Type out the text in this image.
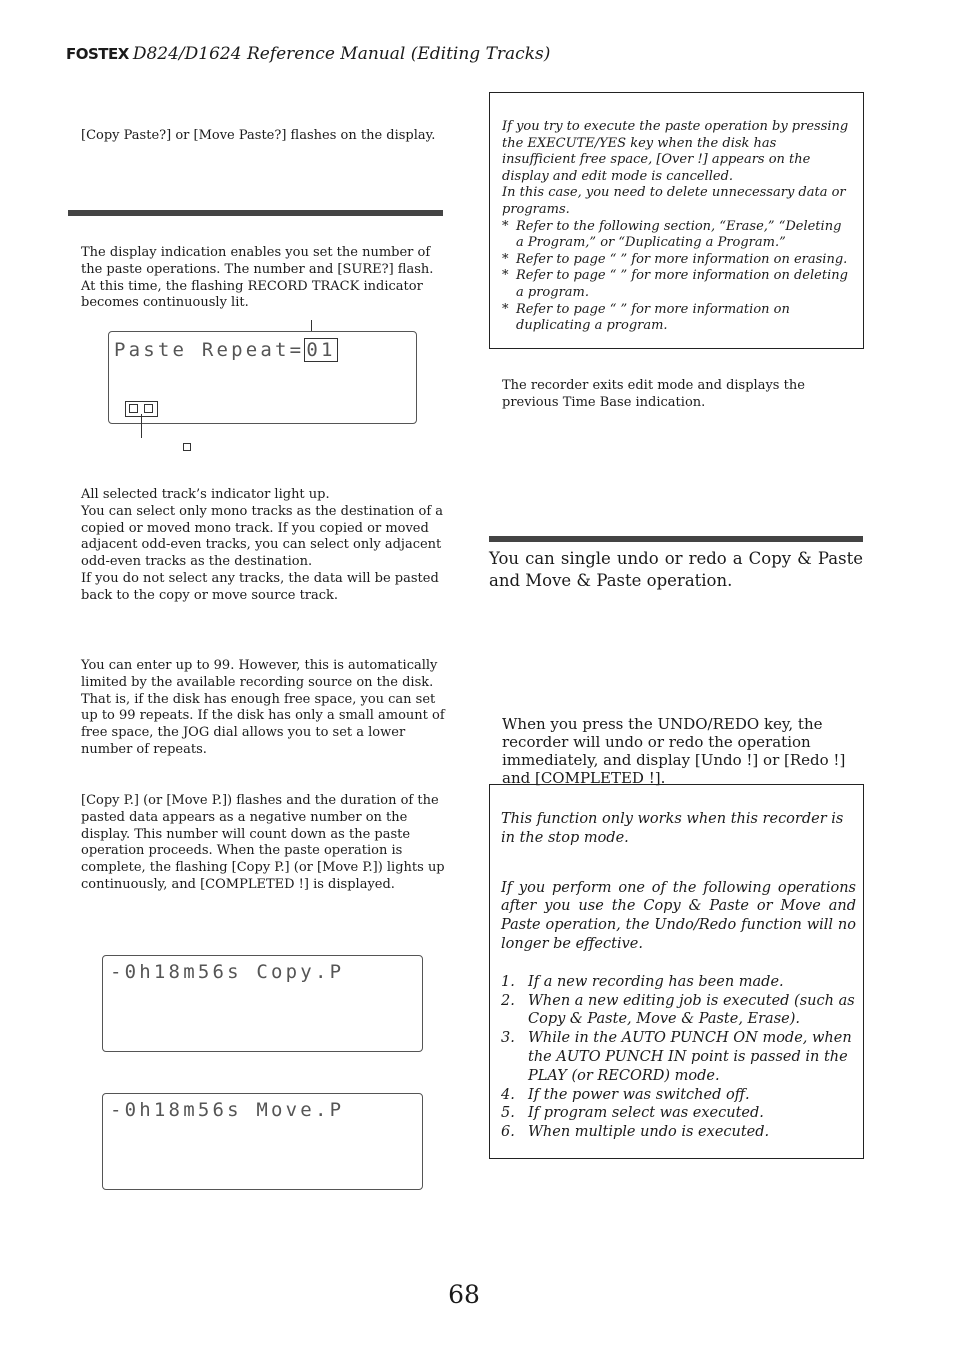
FOSTEX D824/D1624 Reference Manual (Editing Tracks)

[Copy Paste?] or [Move Paste?] flashes on the display.

The display indication enables you set the number of the paste operations. The number and [SURE?] flash. At this time, the flashing RECORD TRACK indicator becomes continuously lit.

Paste Repeat= 01

All selected track’s indicator light up.
You can select only mono tracks as the destination of a copied or moved mono track. If you copied or moved adjacent odd-even tracks, you can select only adjacent odd-even tracks as the destination.
If you do not select any tracks, the data will be pasted back to the copy or move source track.

You can enter up to 99. However, this is automatically limited by the available recording source on the disk. That is, if the disk has enough free space, you can set up to 99 repeats. If the disk has only a small amount of free space, the JOG dial allows you to set a lower number of repeats.

[Copy P.] (or [Move P.]) flashes and the duration of the pasted data appears as a negative number on the display. This number will count down as the paste operation proceeds. When the paste operation is complete, the flashing [Copy P.] (or [Move P.]) lights up continuously, and [COMPLETED !] is displayed.

-0h18m56s Copy.P
-0h18m56s Move.P
If you try to execute the paste operation by pressing the EXECUTE/YES key when the disk has insufficient free space, [Over !] appears on the display and edit mode is cancelled.
In this case, you need to delete unnecessary data or programs.
* Refer to the following section, “Erase,” “Deleting a Program,” or “Duplicating a Program.”
* Refer to page “ ” for more information on erasing.
* Refer to page “ ” for more information on deleting a program.
* Refer to page “ ” for more information on duplicating a program.

The recorder exits edit mode and displays the previous Time Base indication.

You can single undo or redo a Copy & Paste and Move & Paste operation.

When you press the UNDO/REDO key, the recorder will undo or redo the operation immediately, and display [Undo !] or [Redo !] and [COMPLETED !].

This function only works when this recorder is in the stop mode.
If you perform one of the following operations after you use the Copy & Paste or Move and Paste operation, the Undo/Redo function will no longer be effective.
1. If a new recording has been made.
2. When a new editing job is executed (such as Copy & Paste, Move & Paste, Erase).
3. While in the AUTO PUNCH ON mode, when the AUTO PUNCH IN point is passed in the PLAY (or RECORD) mode.
4. If the power was switched off.
5. If program select was executed.
6. When multiple undo is executed.
68
